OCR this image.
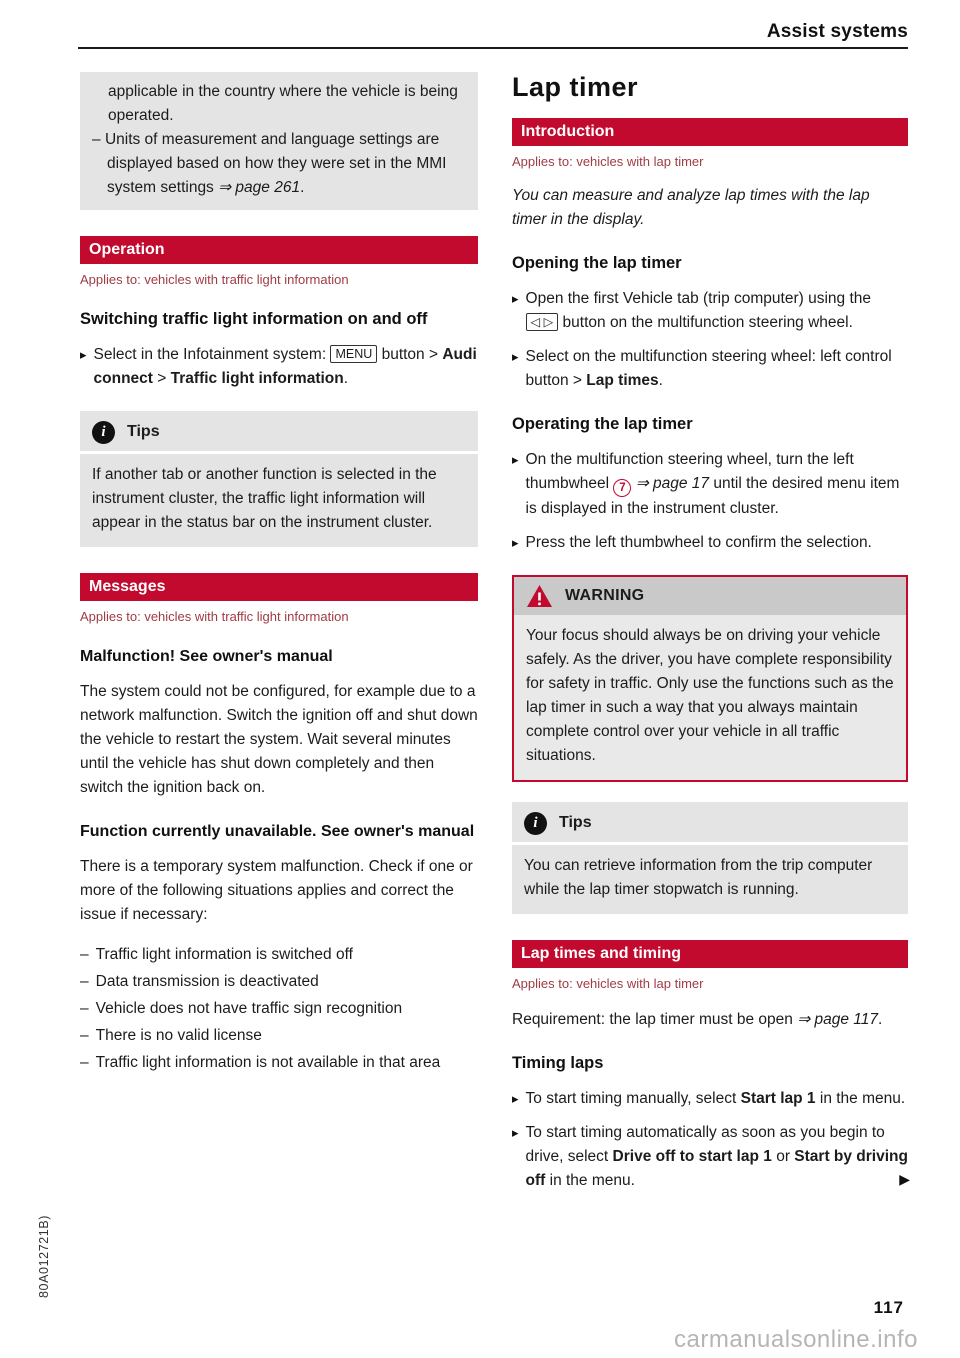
Assist systems

applicable in the country where the vehicle is being operated.

– Units of measurement and language settings are displayed based on how they were set in the MMI system settings ⇒ page 261.

Operation
Applies to: vehicles with traffic light information
Switching traffic light information on and off
▸ Select in the Infotainment system: MENU button > Audi connect > Traffic light information.

i	Tips
If another tab or another function is selected in the instrument cluster, the traffic light information will appear in the status bar on the instrument cluster.
Messages
Applies to: vehicles with traffic light information
Malfunction! See owner's manual

The system could not be configured, for example due to a network malfunction. Switch the ignition off and shut down the vehicle to restart the system. Wait several minutes until the vehicle has shut down completely and then switch the ignition back on.

Function currently unavailable. See owner's manual

There is a temporary system malfunction. Check if one or more of the following situations applies and correct the issue if necessary:

– Traffic light information is switched off
– Data transmission is deactivated
– Vehicle does not have traffic sign recognition
– There is no valid license
– Traffic light information is not available in that area
Lap timer
Introduction
Applies to: vehicles with lap timer

You can measure and analyze lap times with the lap timer in the display.

Opening the lap timer
▸ Open the first Vehicle tab (trip computer) using the ◁ ▷ button on the multifunction steering wheel.

▸ Select on the multifunction steering wheel: left control button > Lap times.

Operating the lap timer
▸ On the multifunction steering wheel, turn the left thumbwheel 7 ⇒ page 17 until the desired menu item is displayed in the instrument cluster.

▸ Press the left thumbwheel to confirm the selection.

WARNING
Your focus should always be on driving your vehicle safely. As the driver, you have complete responsibility for safety in traffic. Only use the functions such as the lap timer in such a way that you always maintain complete control over your vehicle in all traffic situations.
i	Tips
You can retrieve information from the trip computer while the lap timer stopwatch is running.
Lap times and timing
Applies to: vehicles with lap timer

Requirement: the lap timer must be open ⇒ page 117.

Timing laps
▸ To start timing manually, select Start lap 1 in the menu.

▸ To start timing automatically as soon as you begin to drive, select Drive off to start lap 1 or Start by driving off in the menu.	▶
80A012721B)
117
carmanualsonline.info
